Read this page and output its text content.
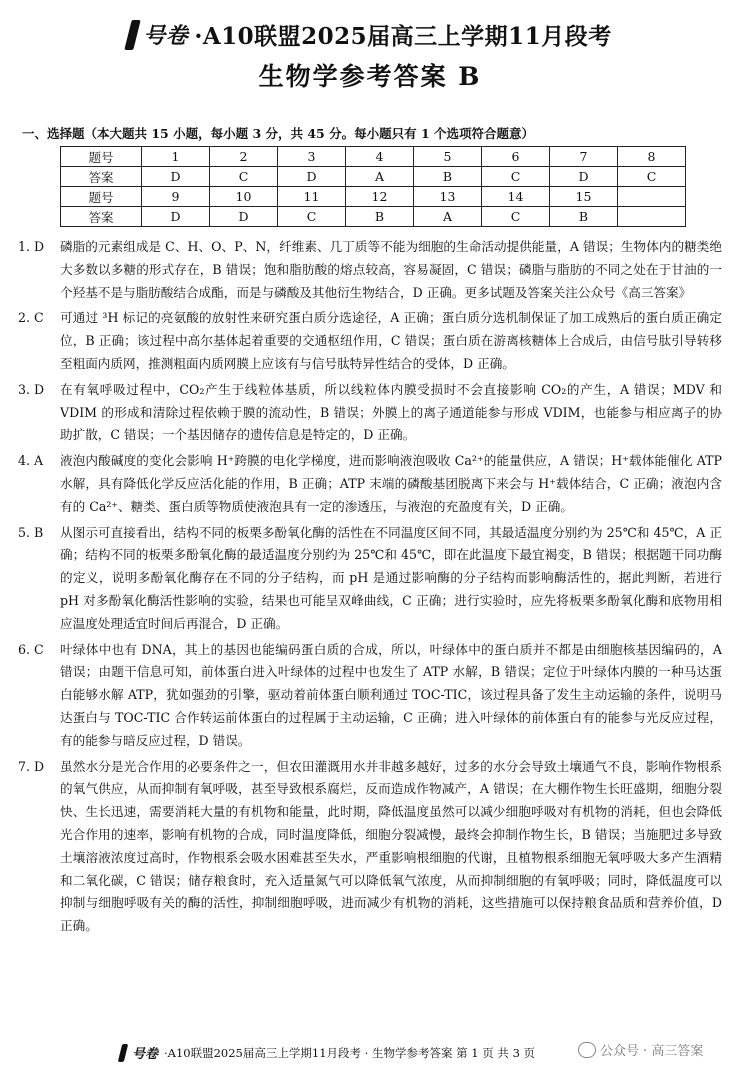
号卷 ·A10联盟2025届高三上学期11月段考
生物学参考答案 B
一、选择题（本大题共 15 小题，每小题 3 分，共 45 分。每小题只有 1 个选项符合题意）
题号	1	2	3	4	5	6	7	8
答案	D	C	D	A	B	C	D	C
题号	9	10	11	12	13	14	15	
答案	D	D	C	B	A	C	B	
1. D	磷脂的元素组成是 C、H、O、P、N，纤维素、几丁质等不能为细胞的生命活动提供能量，A 错误；生物体内的糖类绝大多数以多糖的形式存在，B 错误；饱和脂肪酸的熔点较高，容易凝固，C 错误；磷脂与脂肪的不同之处在于甘油的一个羟基不是与脂肪酸结合成酯，而是与磷酸及其他衍生物结合，D 正确。更多试题及答案关注公众号《高三答案》
2. C	可通过 ³H 标记的亮氨酸的放射性来研究蛋白质分选途径，A 正确；蛋白质分选机制保证了加工成熟后的蛋白质正确定位，B 正确；该过程中高尔基体起着重要的交通枢纽作用，C 错误；蛋白质在游离核糖体上合成后，由信号肽引导转移至粗面内质网，推测粗面内质网膜上应该有与信号肽特异性结合的受体，D 正确。
3. D	在有氧呼吸过程中，CO₂产生于线粒体基质，所以线粒体内膜受损时不会直接影响 CO₂的产生，A 错误；MDV 和 VDIM 的形成和清除过程依赖于膜的流动性，B 错误；外膜上的离子通道能参与形成 VDIM，也能参与相应离子的协助扩散，C 错误；一个基因储存的遗传信息是特定的，D 正确。
4. A	液泡内酸碱度的变化会影响 H⁺跨膜的电化学梯度，进而影响液泡吸收 Ca²⁺的能量供应，A 错误；H⁺载体能催化 ATP 水解，具有降低化学反应活化能的作用，B 正确；ATP 末端的磷酸基团脱离下来会与 H⁺载体结合，C 正确；液泡内含有的 Ca²⁺、糖类、蛋白质等物质使液泡具有一定的渗透压，与液泡的充盈度有关，D 正确。
5. B	从图示可直接看出，结构不同的板栗多酚氧化酶的活性在不同温度区间不同，其最适温度分别约为 25℃和 45℃，A 正确；结构不同的板栗多酚氧化酶的最适温度分别约为 25℃和 45℃，即在此温度下最宜褐变，B 错误；根据题干同功酶的定义，说明多酚氧化酶存在不同的分子结构，而 pH 是通过影响酶的分子结构而影响酶活性的，据此判断，若进行 pH 对多酚氧化酶活性影响的实验，结果也可能呈双峰曲线，C 正确；进行实验时，应先将板栗多酚氧化酶和底物用相应温度处理适宜时间后再混合，D 正确。
6. C	叶绿体中也有 DNA，其上的基因也能编码蛋白质的合成，所以，叶绿体中的蛋白质并不都是由细胞核基因编码的，A 错误；由题干信息可知，前体蛋白进入叶绿体的过程中也发生了 ATP 水解，B 错误；定位于叶绿体内膜的一种马达蛋白能够水解 ATP，犹如强劲的引擎，驱动着前体蛋白顺利通过 TOC-TIC，该过程具备了发生主动运输的条件，说明马达蛋白与 TOC-TIC 合作转运前体蛋白的过程属于主动运输，C 正确；进入叶绿体的前体蛋白有的能参与光反应过程，有的能参与暗反应过程，D 错误。
7. D	虽然水分是光合作用的必要条件之一，但农田灌溉用水并非越多越好，过多的水分会导致土壤通气不良，影响作物根系的氧气供应，从而抑制有氧呼吸，甚至导致根系腐烂，反而造成作物减产，A 错误；在大棚作物生长旺盛期，细胞分裂快、生长迅速，需要消耗大量的有机物和能量，此时期，降低温度虽然可以减少细胞呼吸对有机物的消耗，但也会降低光合作用的速率，影响有机物的合成，同时温度降低，细胞分裂减慢，最终会抑制作物生长，B 错误；当施肥过多导致土壤溶液浓度过高时，作物根系会吸水困难甚至失水，严重影响根细胞的代谢，且植物根系细胞无氧呼吸大多产生酒精和二氧化碳，C 错误；储存粮食时，充入适量氮气可以降低氧气浓度，从而抑制细胞的有氧呼吸；同时，降低温度可以抑制与细胞呼吸有关的酶的活性，抑制细胞呼吸，进而减少有机物的消耗，这些措施可以保持粮食品质和营养价值，D 正确。
号卷 ·A10联盟2025届高三上学期11月段考 · 生物学参考答案 第 1 页 共 3 页	公众号 · 高三答案
